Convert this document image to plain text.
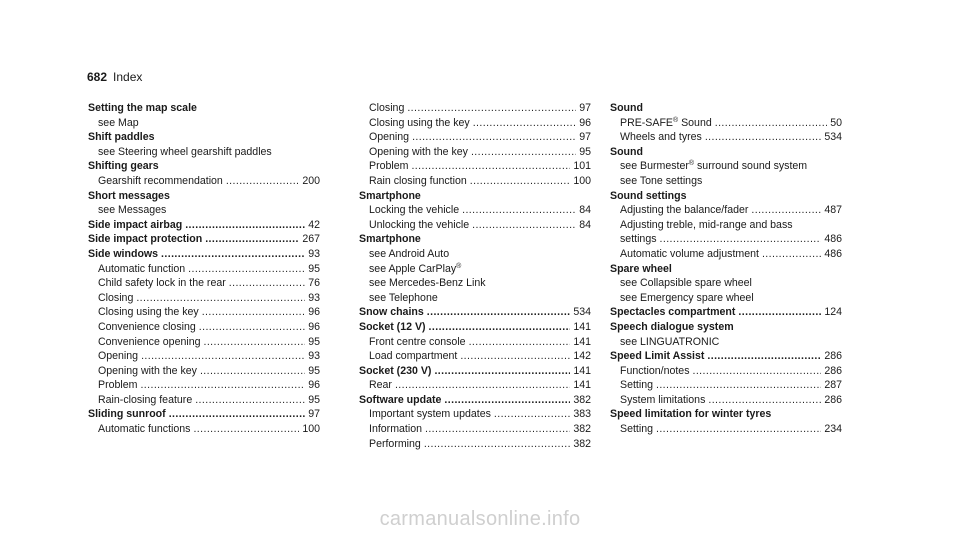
682 Index
Setting the map scale
see Map
Shift paddles
see Steering wheel gearshift paddles
Shifting gears
Gearshift recommendation .....	200
Short messages
see Messages
Side impact airbag .....	42
Side impact protection .....	267
Side windows .....	93
Automatic function .....	95
Child safety lock in the rear .....	76
Closing .....	93
Closing using the key .....	96
Convenience closing .....	96
Convenience opening .....	95
Opening .....	93
Opening with the key .....	95
Problem .....	96
Rain-closing feature .....	95
Sliding sunroof .....	97
Automatic functions .....	100
Closing .....	97
Closing using the key .....	96
Opening .....	97
Opening with the key .....	95
Problem .....	101
Rain closing function .....	100
Smartphone
Locking the vehicle .....	84
Unlocking the vehicle .....	84
Smartphone
see Android Auto
see Apple CarPlay®
see Mercedes-Benz Link
see Telephone
Snow chains .....	534
Socket (12 V) .....	141
Front centre console .....	141
Load compartment .....	142
Socket (230 V) .....	141
Rear .....	141
Software update .....	382
Important system updates .....	383
Information .....	382
Performing .....	382
Sound
PRE-SAFE® Sound .....	50
Wheels and tyres .....	534
Sound
see Burmester® surround sound system
see Tone settings
Sound settings
Adjusting the balance/fader .....	487
Adjusting treble, mid-range and bass
settings .....	486
Automatic volume adjustment .....	486
Spare wheel
see Collapsible spare wheel
see Emergency spare wheel
Spectacles compartment .....	124
Speech dialogue system
see LINGUATRONIC
Speed Limit Assist .....	286
Function/notes .....	286
Setting .....	287
System limitations .....	286
Speed limitation for winter tyres
Setting .....	234
carmanualsonline.info
